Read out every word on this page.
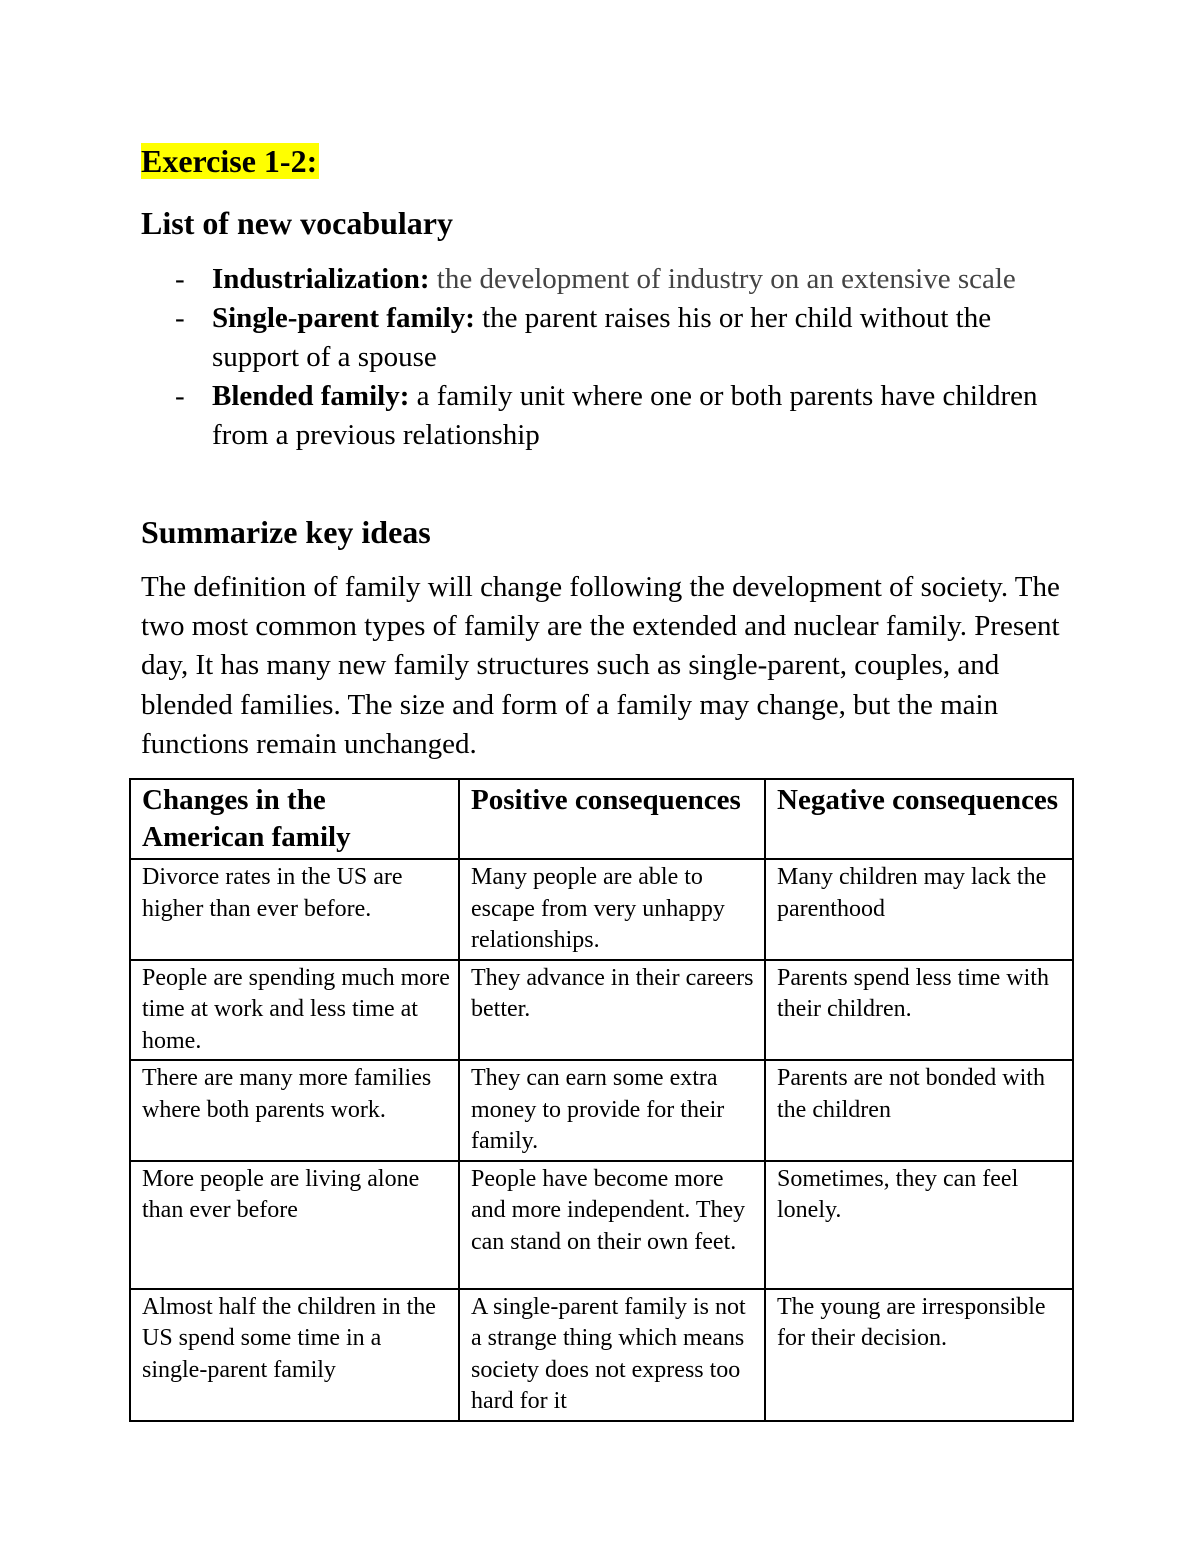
Exercise 1-2:
List of new vocabulary
- Industrialization: the development of industry on an extensive scale
- Single-parent family: the parent raises his or her child without the support of a spouse
- Blended family: a family unit where one or both parents have children from a previous relationship
Summarize key ideas

The definition of family will change following the development of society. The two most common types of family are the extended and nuclear family. Present day, It has many new family structures such as single-parent, couples, and blended families. The size and form of a family may change, but the main functions remain unchanged.

Changes in the American family	Positive consequences	Negative consequences
Divorce rates in the US are higher than ever before.	Many people are able to escape from very unhappy relationships.	Many children may lack the parenthood
People are spending much more time at work and less time at home.	They advance in their careers better.	Parents spend less time with their children.
There are many more families where both parents work.	They can earn some extra money to provide for their family.	Parents are not bonded with the children
More people are living alone than ever before	People have become more and more independent. They can stand on their own feet.	Sometimes, they can feel lonely.
Almost half the children in the US spend some time in a single-parent family	A single-parent family is not a strange thing which means society does not express too hard for it	The young are irresponsible for their decision.
